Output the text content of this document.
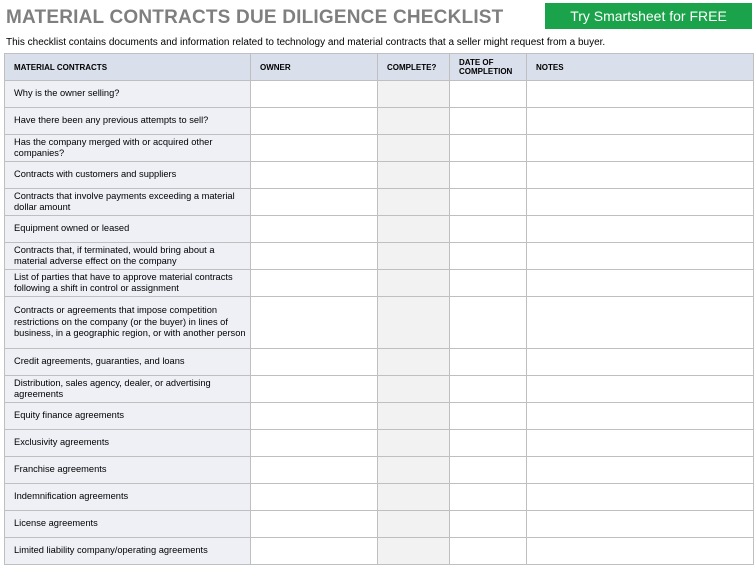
MATERIAL CONTRACTS DUE DILIGENCE CHECKLIST	Try Smartsheet for FREE
This checklist contains documents and information related to technology and material contracts that a seller might request from a buyer.
MATERIAL CONTRACTS	OWNER	COMPLETE?	DATE OF COMPLETION	NOTES
Why is the owner selling?				
Have there been any previous attempts to sell?				
Has the company merged with or acquired other companies?				
Contracts with customers and suppliers				
Contracts that involve payments exceeding a material dollar amount				
Equipment owned or leased				
Contracts that, if terminated, would bring about a material adverse effect on the company				
List of parties that have to approve material contracts following a shift in control or assignment				
Contracts or agreements that impose competition restrictions on the company (or the buyer) in lines of business, in a geographic region, or with another person				
Credit agreements, guaranties, and loans				
Distribution, sales agency, dealer, or advertising agreements				
Equity finance agreements				
Exclusivity agreements				
Franchise agreements				
Indemnification agreements				
License agreements				
Limited liability company/operating agreements				
